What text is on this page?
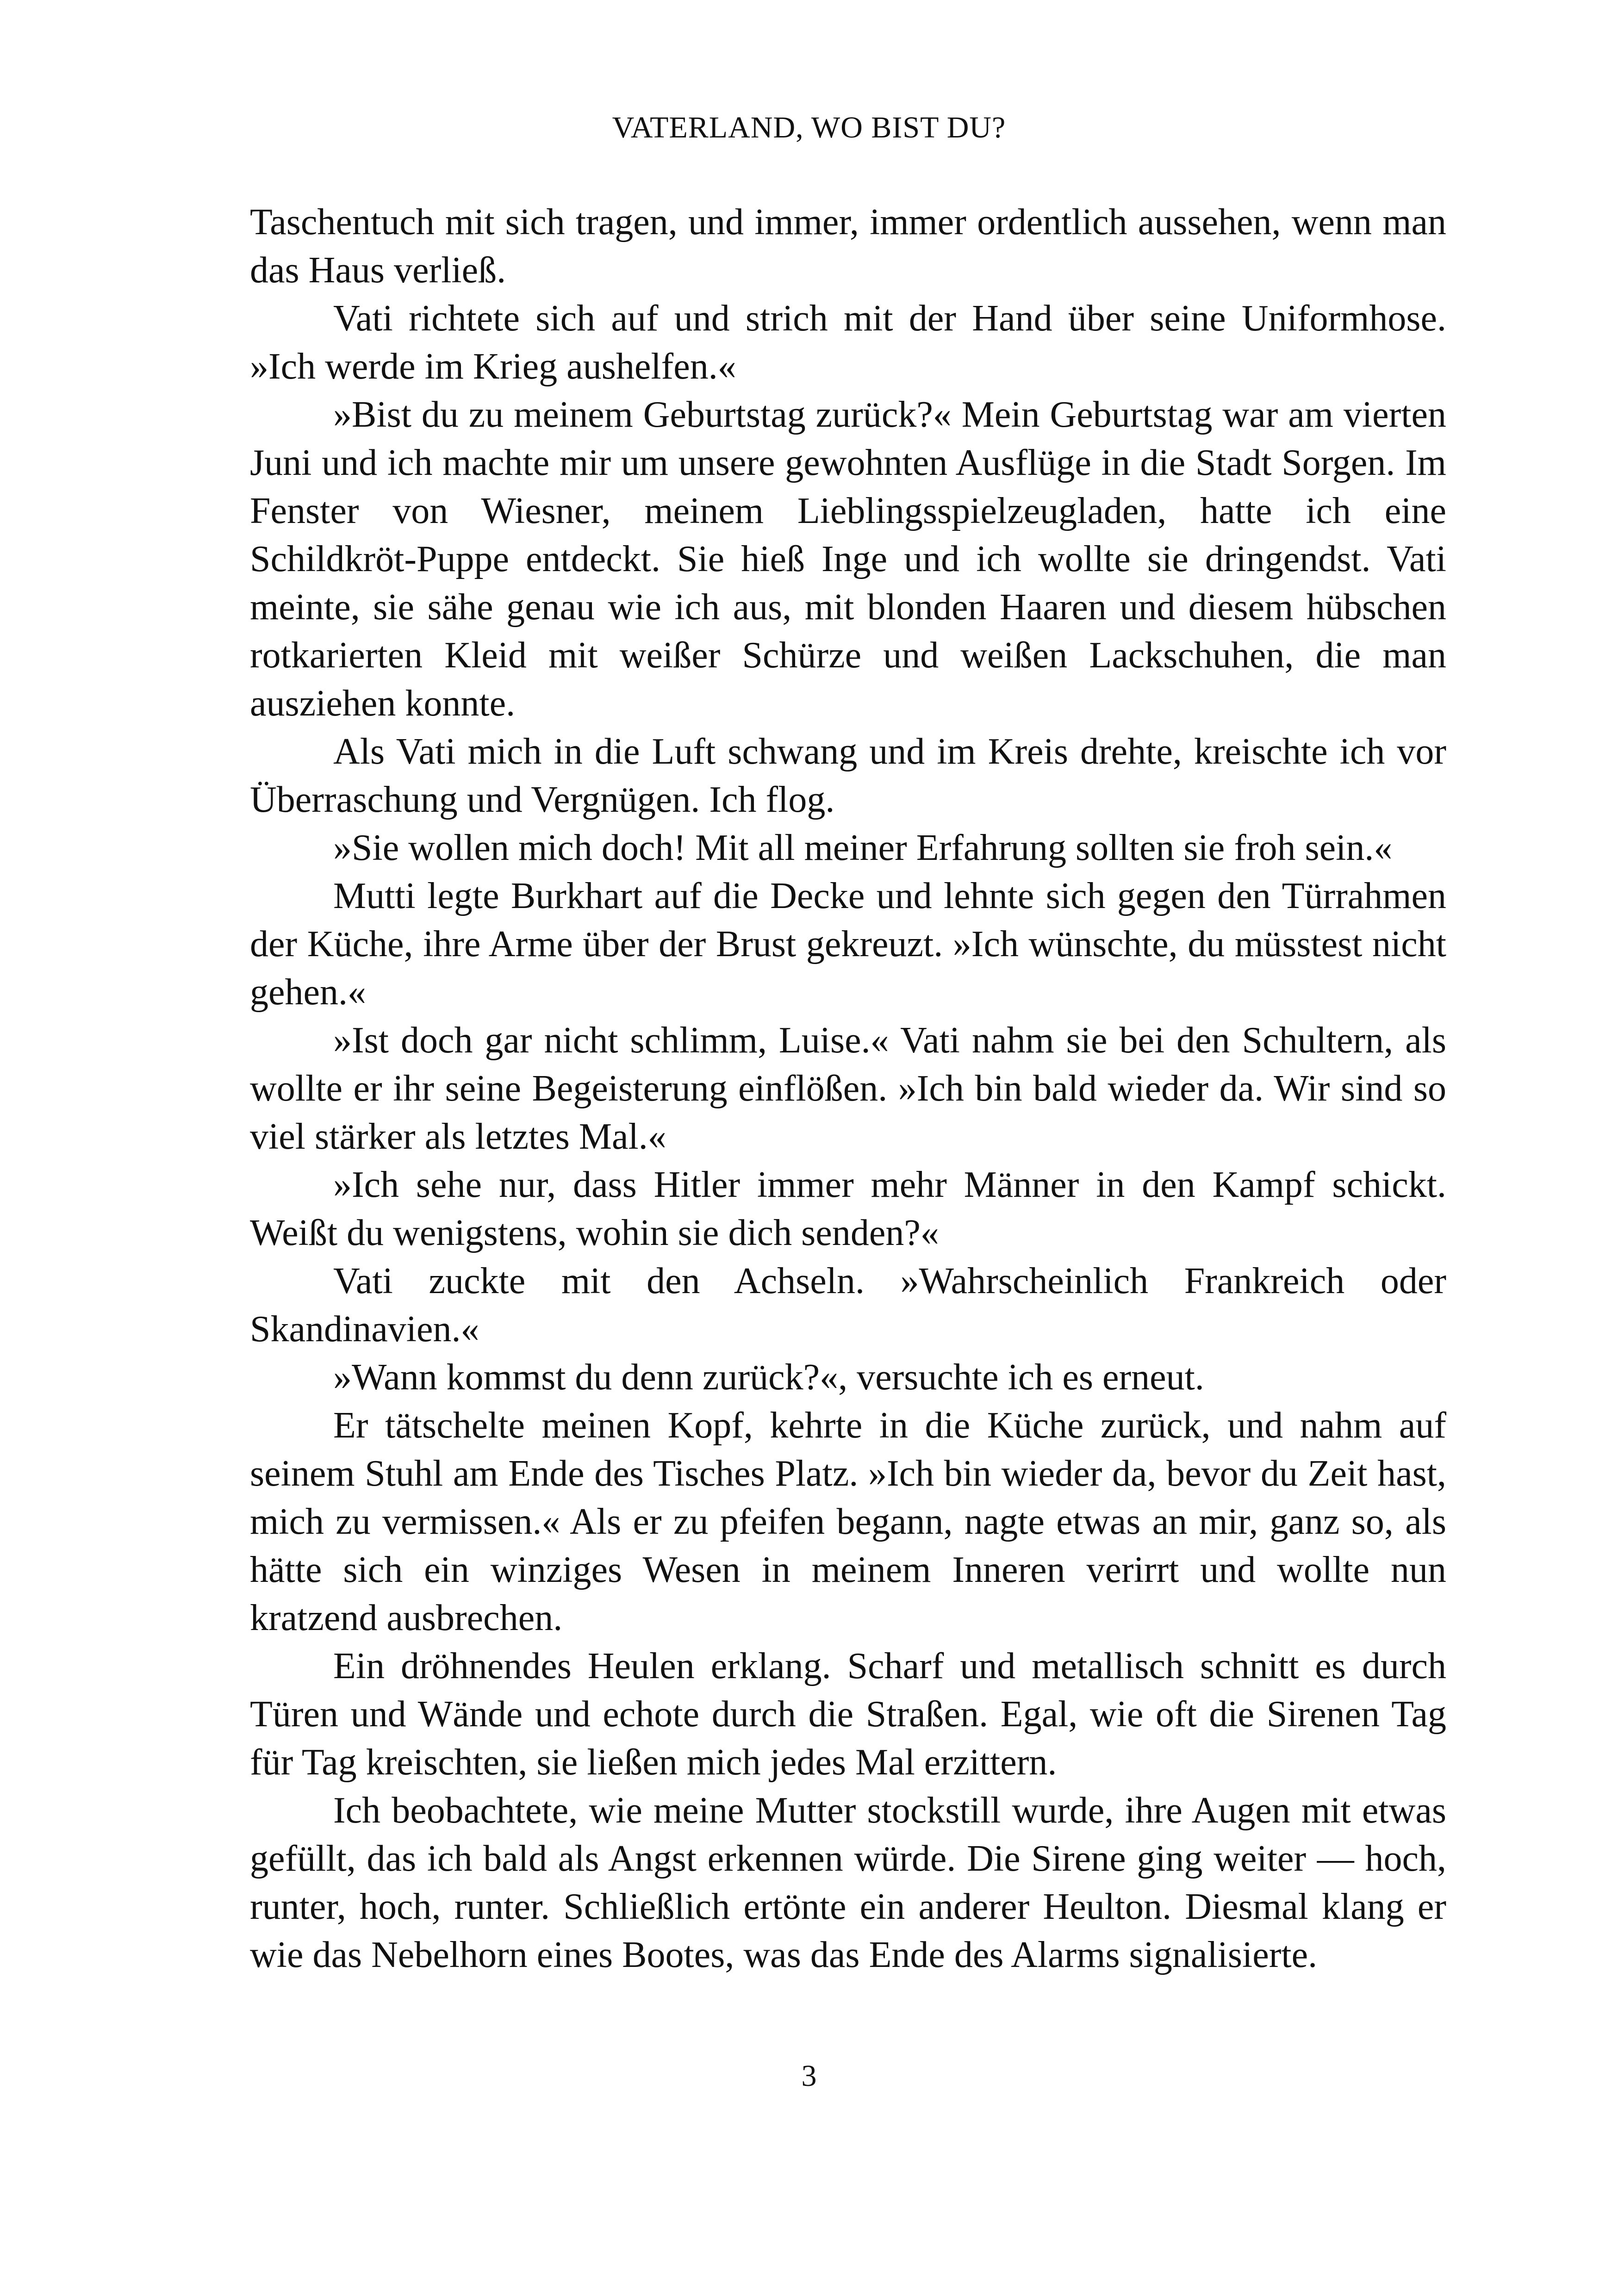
VATERLAND, WO BIST DU?

Taschentuch mit sich tragen, und immer, immer ordentlich aussehen, wenn man das Haus verließ.

Vati richtete sich auf und strich mit der Hand über seine Uniformhose. »Ich werde im Krieg aushelfen.«

»Bist du zu meinem Geburtstag zurück?« Mein Geburtstag war am vierten Juni und ich machte mir um unsere gewohnten Ausflüge in die Stadt Sorgen. Im Fenster von Wiesner, meinem Lieblingsspielzeugladen, hatte ich eine Schildkröt-Puppe entdeckt. Sie hieß Inge und ich wollte sie dringendst. Vati meinte, sie sähe genau wie ich aus, mit blonden Haaren und diesem hübschen rotkarierten Kleid mit weißer Schürze und weißen Lackschuhen, die man ausziehen konnte.

Als Vati mich in die Luft schwang und im Kreis drehte, kreischte ich vor Überraschung und Vergnügen. Ich flog.

»Sie wollen mich doch! Mit all meiner Erfahrung sollten sie froh sein.«

Mutti legte Burkhart auf die Decke und lehnte sich gegen den Türrahmen der Küche, ihre Arme über der Brust gekreuzt. »Ich wünschte, du müsstest nicht gehen.«

»Ist doch gar nicht schlimm, Luise.« Vati nahm sie bei den Schultern, als wollte er ihr seine Begeisterung einflößen. »Ich bin bald wieder da. Wir sind so viel stärker als letztes Mal.«

»Ich sehe nur, dass Hitler immer mehr Männer in den Kampf schickt. Weißt du wenigstens, wohin sie dich senden?«

Vati zuckte mit den Achseln. »Wahrscheinlich Frankreich oder Skandinavien.«

»Wann kommst du denn zurück?«, versuchte ich es erneut.

Er tätschelte meinen Kopf, kehrte in die Küche zurück, und nahm auf seinem Stuhl am Ende des Tisches Platz. »Ich bin wieder da, bevor du Zeit hast, mich zu vermissen.« Als er zu pfeifen begann, nagte etwas an mir, ganz so, als hätte sich ein winziges Wesen in meinem Inneren verirrt und wollte nun kratzend ausbrechen.

Ein dröhnendes Heulen erklang. Scharf und metallisch schnitt es durch Türen und Wände und echote durch die Straßen. Egal, wie oft die Sirenen Tag für Tag kreischten, sie ließen mich jedes Mal erzittern.

Ich beobachtete, wie meine Mutter stockstill wurde, ihre Augen mit etwas gefüllt, das ich bald als Angst erkennen würde. Die Sirene ging weiter — hoch, runter, hoch, runter. Schließlich ertönte ein anderer Heulton. Diesmal klang er wie das Nebelhorn eines Bootes, was das Ende des Alarms signalisierte.

3
